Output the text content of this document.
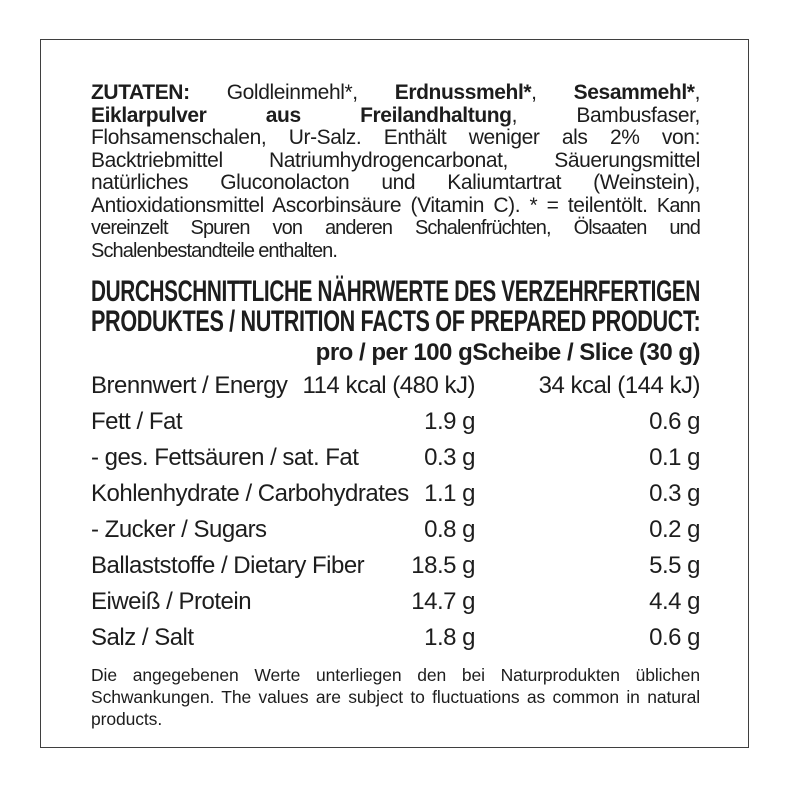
ZUTATEN: Goldleinmehl*, Erdnussmehl*, Sesammehl*, Eiklarpulver aus Freilandhaltung, Bambusfaser, Flohsamenschalen, Ur-Salz. Enthält weniger als 2% von: Backtriebmittel Natriumhydrogencarbonat, Säuerungsmittel natürliches Gluconolacton und Kaliumtartrat (Weinstein), Antioxidationsmittel Ascorbinsäure (Vitamin C). * = teilentölt. Kann vereinzelt Spuren von anderen Schalenfrüchten, Ölsaaten und Schalenbestandteile enthalten.

DURCHSCHNITTLICHE NÄHRWERTE DES VERZEHRFERTIGEN
PRODUKTES / NUTRITION FACTS OF PREPARED PRODUCT:
pro / per 100 g Scheibe / Slice (30 g)
Brennwert / Energy 114 kcal (480 kJ)	34 kcal (144 kJ)
Fett / Fat	1.9 g	0.6 g
- ges. Fettsäuren / sat. Fat	0.3 g	0.1 g
Kohlenhydrate / Carbohydrates 1.1 g	0.3 g
- Zucker / Sugars	0.8 g	0.2 g
Ballaststoffe / Dietary Fiber	18.5 g	5.5 g
Eiweiß / Protein	14.7 g	4.4 g
Salz / Salt	1.8 g	0.6 g

Die angegebenen Werte unterliegen den bei Naturprodukten üblichen Schwankungen. The values are subject to fluctuations as common in natural products.
